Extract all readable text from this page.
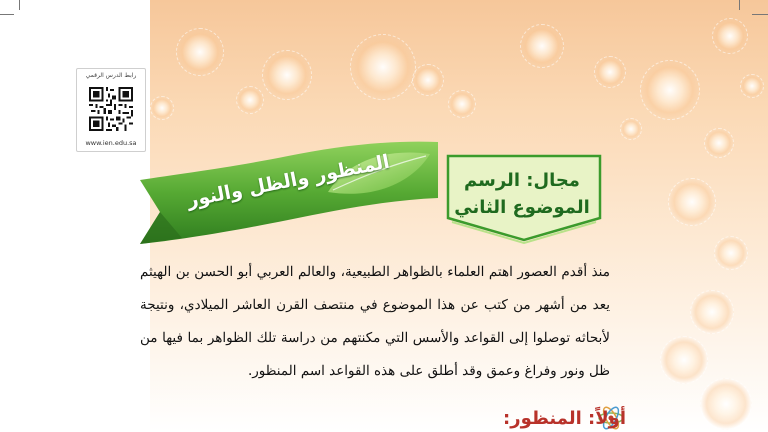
رابط الدرس الرقمي
www.ien.edu.sa
المنظور والظل والنور	مجال: الرسم
الموضوع الثاني
منذ أقدم العصور اهتم العلماء بالظواهر الطبيعية، والعالم العربي أبو الحسن بن الهيثم يعد من أشهر من كتب عن هذا الموضوع في منتصف القرن العاشر الميلادي، ونتيجة لأبحاثه توصلوا إلى القواعد والأسس التي مكنتهم من دراسة تلك الظواهر بما فيها من ظل ونور وفراغ وعمق وقد أطلق على هذه القواعد اسم المنظور.
أولاً: المنظور:
